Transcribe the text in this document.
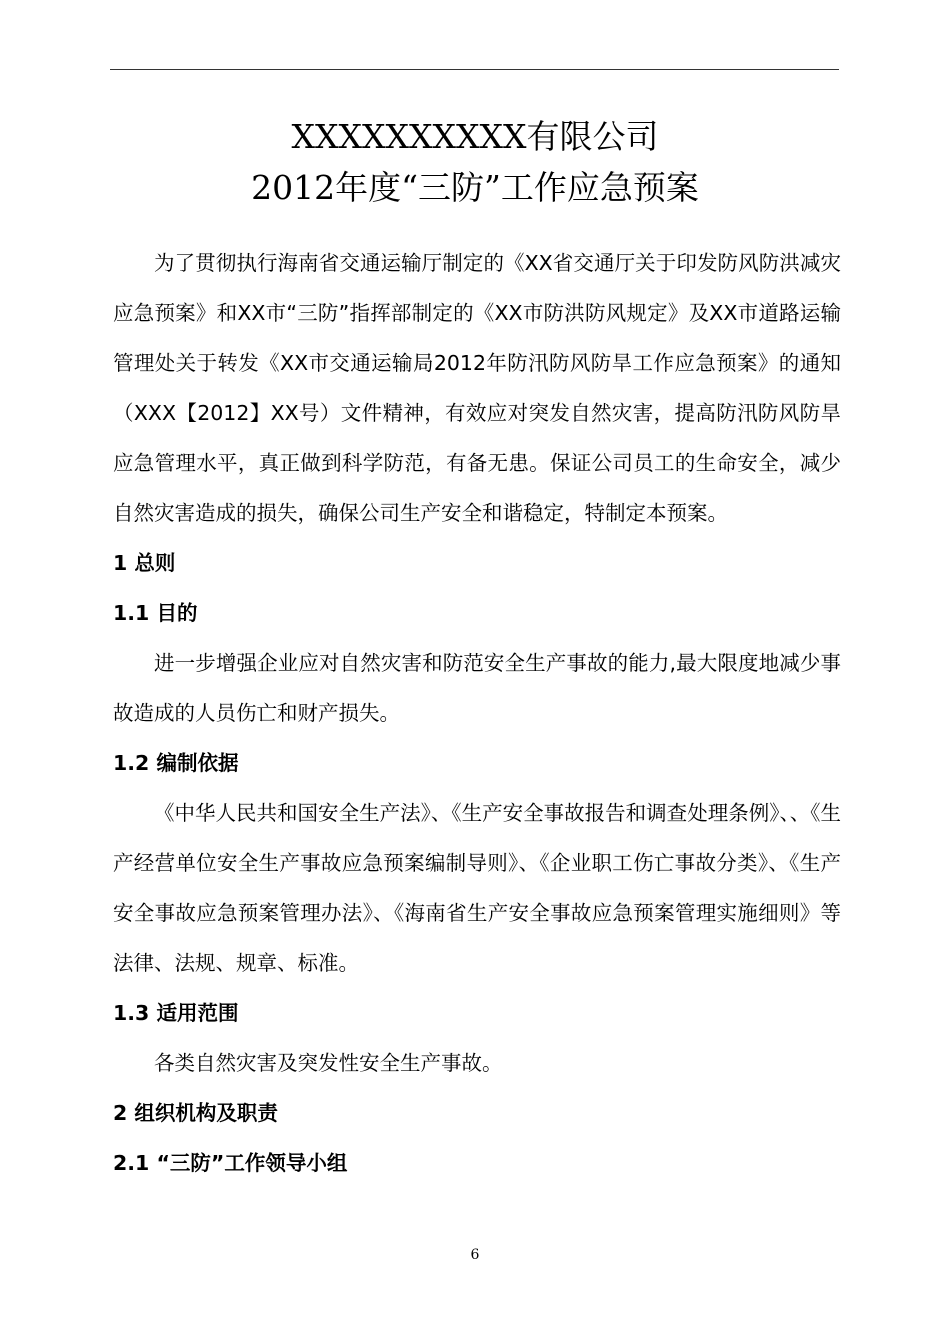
XXXXXXXXXX有限公司
2012年度“三防”工作应急预案

为了贯彻执行海南省交通运输厅制定的《XX省交通厅关于印发防风防洪减灾应急预案》和XX市“三防”指挥部制定的《XX市防洪防风规定》及XX市道路运输管理处关于转发《XX市交通运输局2012年防汛防风防旱工作应急预案》的通知（XXX【2012】XX号）文件精神，有效应对突发自然灾害，提高防汛防风防旱应急管理水平，真正做到科学防范，有备无患。保证公司员工的生命安全，减少自然灾害造成的损失，确保公司生产安全和谐稳定，特制定本预案。

1 总则

1.1 目的

进一步增强企业应对自然灾害和防范安全生产事故的能力,最大限度地减少事故造成的人员伤亡和财产损失。

1.2 编制依据

《中华人民共和国安全生产法》、《生产安全事故报告和调查处理条例》、、《生产经营单位安全生产事故应急预案编制导则》、《企业职工伤亡事故分类》、《生产安全事故应急预案管理办法》、《海南省生产安全事故应急预案管理实施细则》等法律、法规、规章、标准。

1.3 适用范围

各类自然灾害及突发性安全生产事故。

2 组织机构及职责

2.1 “三防”工作领导小组

6
